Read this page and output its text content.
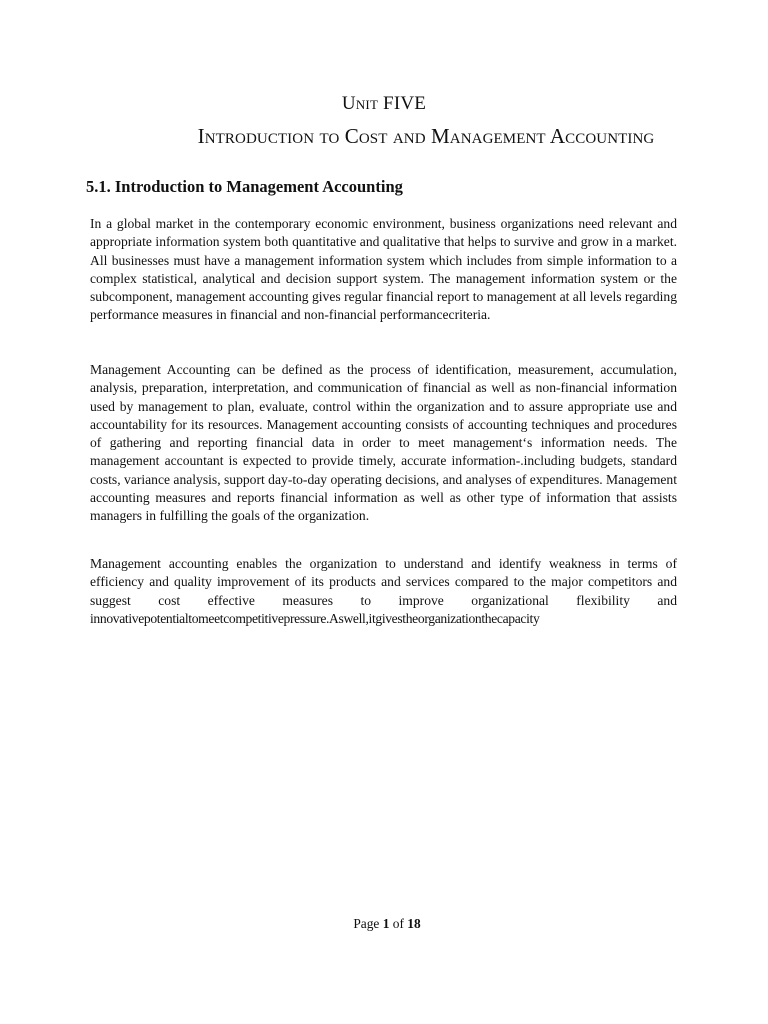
Unit FIVE
Introduction to Cost and Management Accounting
5.1. Introduction to Management Accounting

In a global market in the contemporary economic environment, business organizations need relevant and appropriate information system both quantitative and qualitative that helps to survive and grow in a market. All businesses must have a management information system which includes from simple information to a complex statistical, analytical and decision support system. The management information system or the subcomponent, management accounting gives regular financial report to management at all levels regarding performance measures in financial and non-financial performancecriteria.

Management Accounting can be defined as the process of identification, measurement, accumulation, analysis, preparation, interpretation, and communication of financial as well as non-financial information used by management to plan, evaluate, control within the organization and to assure appropriate use and accountability for its resources. Management accounting consists of accounting techniques and procedures of gathering and reporting financial data in order to meet management‘s information needs. The management accountant is expected to provide timely, accurate information-.including budgets, standard costs, variance analysis, support day-to-day operating decisions, and analyses of expenditures. Management accounting measures and reports financial information as well as other type of information that assists managers in fulfilling the goals of the organization.

Management accounting enables the organization to understand and identify weakness in terms of efficiency and quality improvement of its products and services compared to the major competitors and suggest cost effective measures to improve organizational flexibility and innovativepotentialtomeetcompetitivepressure.Aswell,itgivestheorganizationthecapacity

Page 1 of 18
